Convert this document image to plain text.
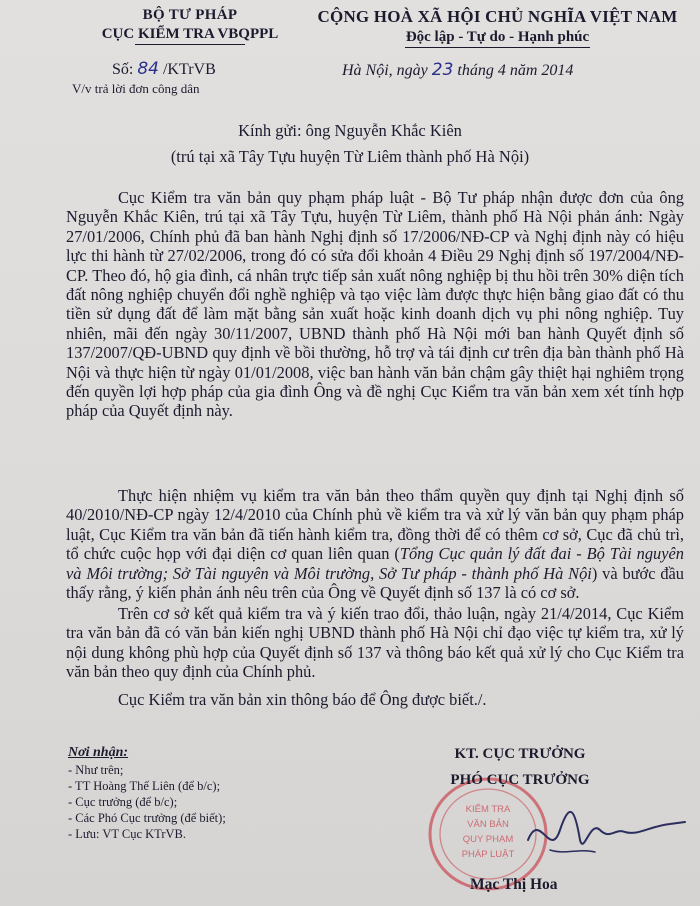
BỘ TƯ PHÁP
CỤC KIỂM TRA VBQPPL
CỘNG HOÀ XÃ HỘI CHỦ NGHĨA VIỆT NAM
Độc lập - Tự do - Hạnh phúc
Số: 84 /KTrVB
V/v trả lời đơn công dân
Hà Nội, ngày 23 tháng 4 năm 2014
Kính gửi: ông Nguyễn Khắc Kiên
(trú tại xã Tây Tựu huyện Từ Liêm thành phố Hà Nội)

Cục Kiểm tra văn bản quy phạm pháp luật - Bộ Tư pháp nhận được đơn của ông Nguyễn Khắc Kiên, trú tại xã Tây Tựu, huyện Từ Liêm, thành phố Hà Nội phản ánh: Ngày 27/01/2006, Chính phủ đã ban hành Nghị định số 17/2006/NĐ-CP và Nghị định này có hiệu lực thi hành từ 27/02/2006, trong đó có sửa đổi khoản 4 Điều 29 Nghị định số 197/2004/NĐ-CP. Theo đó, hộ gia đình, cá nhân trực tiếp sản xuất nông nghiệp bị thu hồi trên 30% diện tích đất nông nghiệp chuyển đổi nghề nghiệp và tạo việc làm được thực hiện bằng giao đất có thu tiền sử dụng đất để làm mặt bằng sản xuất hoặc kinh doanh dịch vụ phi nông nghiệp. Tuy nhiên, mãi đến ngày 30/11/2007, UBND thành phố Hà Nội mới ban hành Quyết định số 137/2007/QĐ-UBND quy định về bồi thường, hỗ trợ và tái định cư trên địa bàn thành phố Hà Nội và thực hiện từ ngày 01/01/2008, việc ban hành văn bản chậm gây thiệt hại nghiêm trọng đến quyền lợi hợp pháp của gia đình Ông và đề nghị Cục Kiểm tra văn bản xem xét tính hợp pháp của Quyết định này.

Thực hiện nhiệm vụ kiểm tra văn bản theo thẩm quyền quy định tại Nghị định số 40/2010/NĐ-CP ngày 12/4/2010 của Chính phủ về kiểm tra và xử lý văn bản quy phạm pháp luật, Cục Kiểm tra văn bản đã tiến hành kiểm tra, đồng thời để có thêm cơ sở, Cục đã chủ trì, tổ chức cuộc họp với đại diện cơ quan liên quan (Tổng Cục quản lý đất đai - Bộ Tài nguyên và Môi trường; Sở Tài nguyên và Môi trường, Sở Tư pháp - thành phố Hà Nội) và bước đầu thấy rằng, ý kiến phản ánh nêu trên của Ông về Quyết định số 137 là có cơ sở.

Trên cơ sở kết quả kiểm tra và ý kiến trao đổi, thảo luận, ngày 21/4/2014, Cục Kiểm tra văn bản đã có văn bản kiến nghị UBND thành phố Hà Nội chỉ đạo việc tự kiểm tra, xử lý nội dung không phù hợp của Quyết định số 137 và thông báo kết quả xử lý cho Cục Kiểm tra văn bản theo quy định của Chính phủ.

Cục Kiểm tra văn bản xin thông báo để Ông được biết./.

Nơi nhận:
- Như trên;
- TT Hoàng Thế Liên (để b/c);
- Cục trưởng (để b/c);
- Các Phó Cục trưởng (để biết);
- Lưu: VT Cục KTrVB.
KIỂM TRA
VĂN BẢN
QUY PHẠM
PHÁP LUẬT
KT. CỤC TRƯỞNG
PHÓ CỤC TRƯỞNG
Mạc Thị Hoa
